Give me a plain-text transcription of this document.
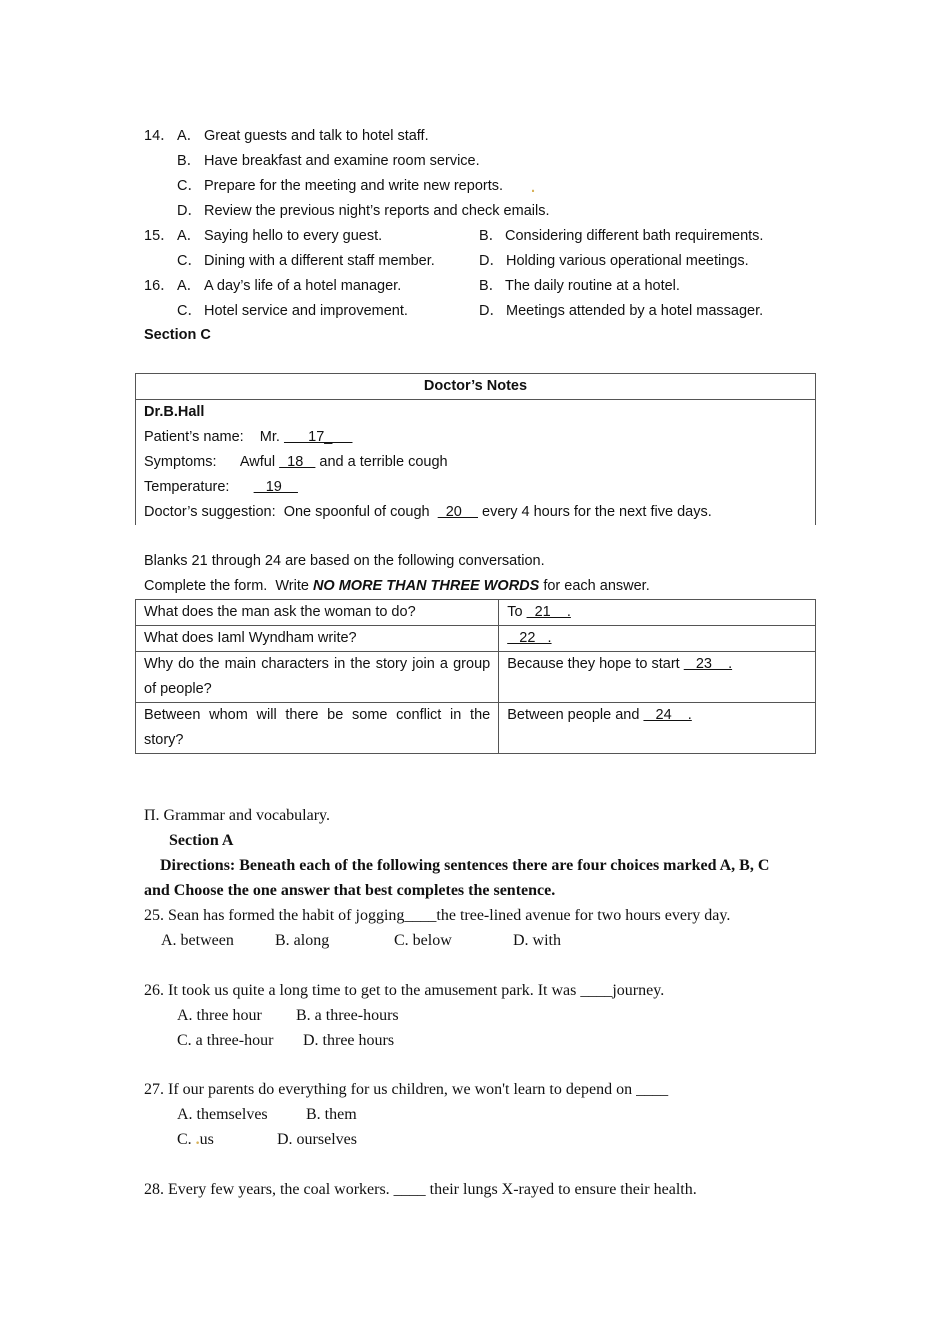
14． A． Great guests and talk to hotel staff.
B． Have breakfast and examine room service.
C． Prepare for the meeting and write new reports. .
D． Review the previous night’s reports and check emails.
15． A． Saying hello to every guest.	B． Considering different bath requirements.
C． Dining with a different staff member.	D． Holding various operational meetings.
16． A． A day’s life of a hotel manager.	B． The daily routine at a hotel.
C． Hotel service and improvement.	D． Meetings attended by a hotel massager.
Section C
Doctor’s Notes

Dr.B.Hall
Patient’s name:    Mr.       17_
Symptoms:      Awful   18    and a terrible cough
Temperature:         19
Doctor’s suggestion:  One spoonful of cough    20     every 4 hours for the next five days.
Blanks 21 through 24 are based on the following conversation.
Complete the form.  Write NO MORE THAN THREE WORDS for each answer.
What does the man ask the woman to do?	To   21    .
What does Iaml Wyndham write?	22   .
Why do the main characters in the story join a group of people?	Because they hope to start    23    .
Between whom will there be some conflict in the story?	Between people and    24    .
П. Grammar and vocabulary.
Section A
Directions: Beneath each of the following sentences there are four choices marked A, B, C
and Choose the one answer that best completes the sentence.
25. Sean has formed the habit of jogging____the tree-lined avenue for two hours every day.
A. between	B. along	C. below	D. with
26. It took us quite a long time to get to the amusement park. It was ____journey.
A. three hour B. a three-hours
C. a three-hour D. three hours
27. If our parents do everything for us children, we won't learn to depend on ____
A. themselves B. them
C. .us	D. ourselves
28. Every few years, the coal workers. ____ their lungs X-rayed to ensure their health.
